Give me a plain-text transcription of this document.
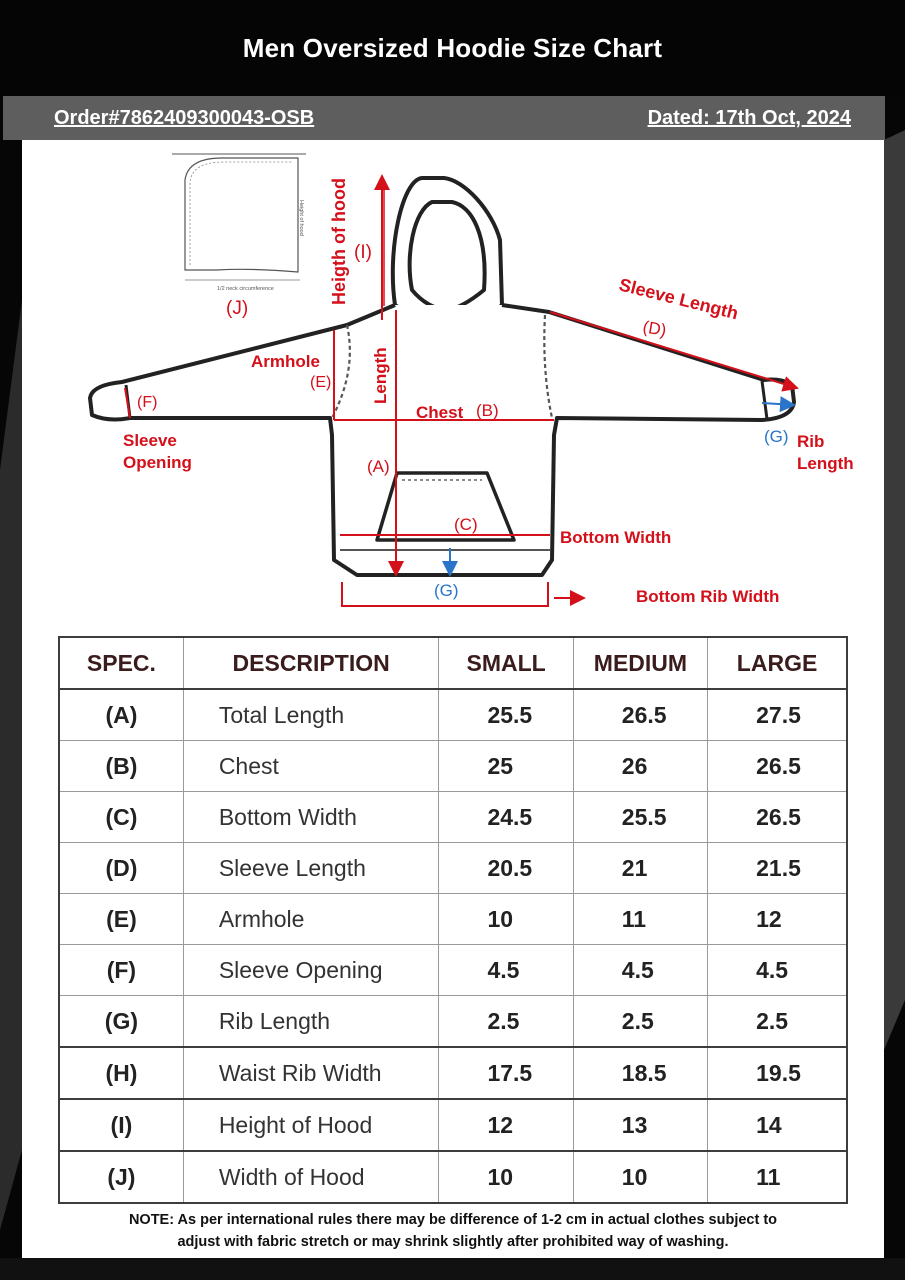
Men Oversized Hoodie Size Chart
Order#7862409300043-OSB	Dated: 17th Oct, 2024
1/2 neck circumference
Height of hood
(J)
Heigth of hood (I)
Sleeve Length
(D)
Armhole
(E) Length
Chest (B)
(F)
Sleeve
Opening
(G) Rib
Length
(A)
(C)
Bottom Width
(G)	Bottom Rib Width
SPEC.	DESCRIPTION	SMALL	MEDIUM	LARGE
(A)	Total Length	25.5	26.5	27.5
(B)	Chest	25	26	26.5
(C)	Bottom Width	24.5	25.5	26.5
(D)	Sleeve Length	20.5	21	21.5
(E)	Armhole	10	11	12
(F)	Sleeve Opening	4.5	4.5	4.5
(G)	Rib Length	2.5	2.5	2.5
(H)	Waist Rib Width	17.5	18.5	19.5
(I)	Height of Hood	12	13	14
(J)	Width of Hood	10	10	11
NOTE: As per international rules there may be difference of 1-2 cm in actual clothes subject to
adjust with fabric stretch or may shrink slightly after prohibited way of washing.
